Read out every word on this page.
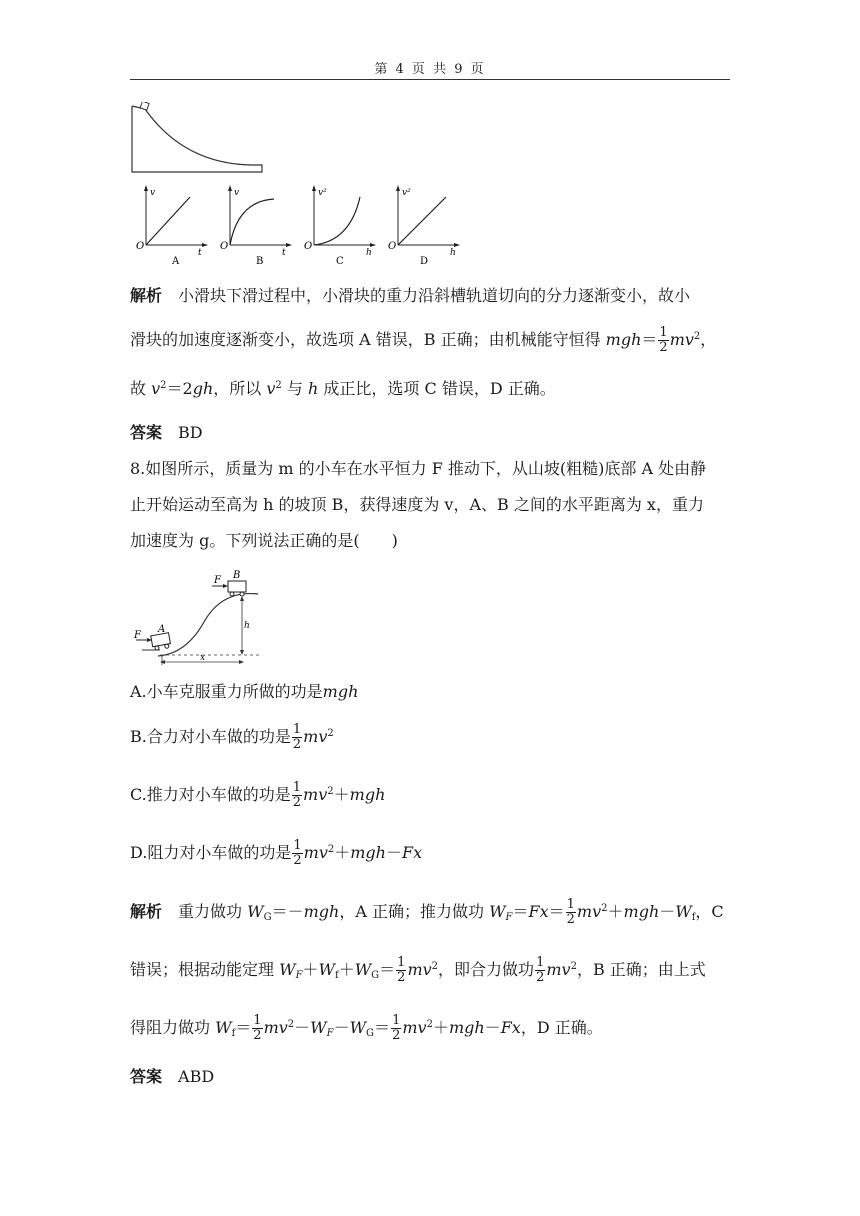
第 4 页 共 9 页
v
O
t
A
v
O
t
B
v²
O
h
C
v²
O
h
D
解析　 小滑块下滑过程中，小滑块的重力沿斜槽轨道切向的分力逐渐变小，故小
滑块的加速度逐渐变小，故选项 A 错误，B 正确；由机械能守恒得 $mgh= \frac{1}{2} mv^2$，
故 $v^2=2gh$，所以 $v^2$ 与 h 成正比，选项 C 错误，D 正确。
答案　 BD
8.如图所示，质量为 m 的小车在水平恒力 F 推动下，从山坡(粗糙)底部 A 处由静
止开始运动至高为 h 的坡顶 B，获得速度为 v，A、B 之间的水平距离为 x，重力
加速度为 g。下列说法正确的是(　　)
F
A
F B
h
x
A.小车克服重力所做的功是mgh
B.合力对小车做的功是 $\frac{1}{2} mv^2$
C.推力对小车做的功是 $\frac{1}{2} mv^2+mgh$
D.阻力对小车做的功是 $\frac{1}{2} mv^2+mgh-Fx$
解析　 重力做功 $W_G=-mgh$，A 正确；推力做功 $W_F=Fx= \frac{1}{2} mv^2+mgh-W_f$，C
错误；根据动能定理 $W_F+W_f+W_G= \frac{1}{2} mv^2$，即合力做功 $\frac{1}{2} mv^2$，B 正确；由上式
得阻力做功 $W_f= \frac{1}{2} mv^2-W_F-W_G= \frac{1}{2} mv^2+mgh-Fx$，D 正确。
答案　 ABD
